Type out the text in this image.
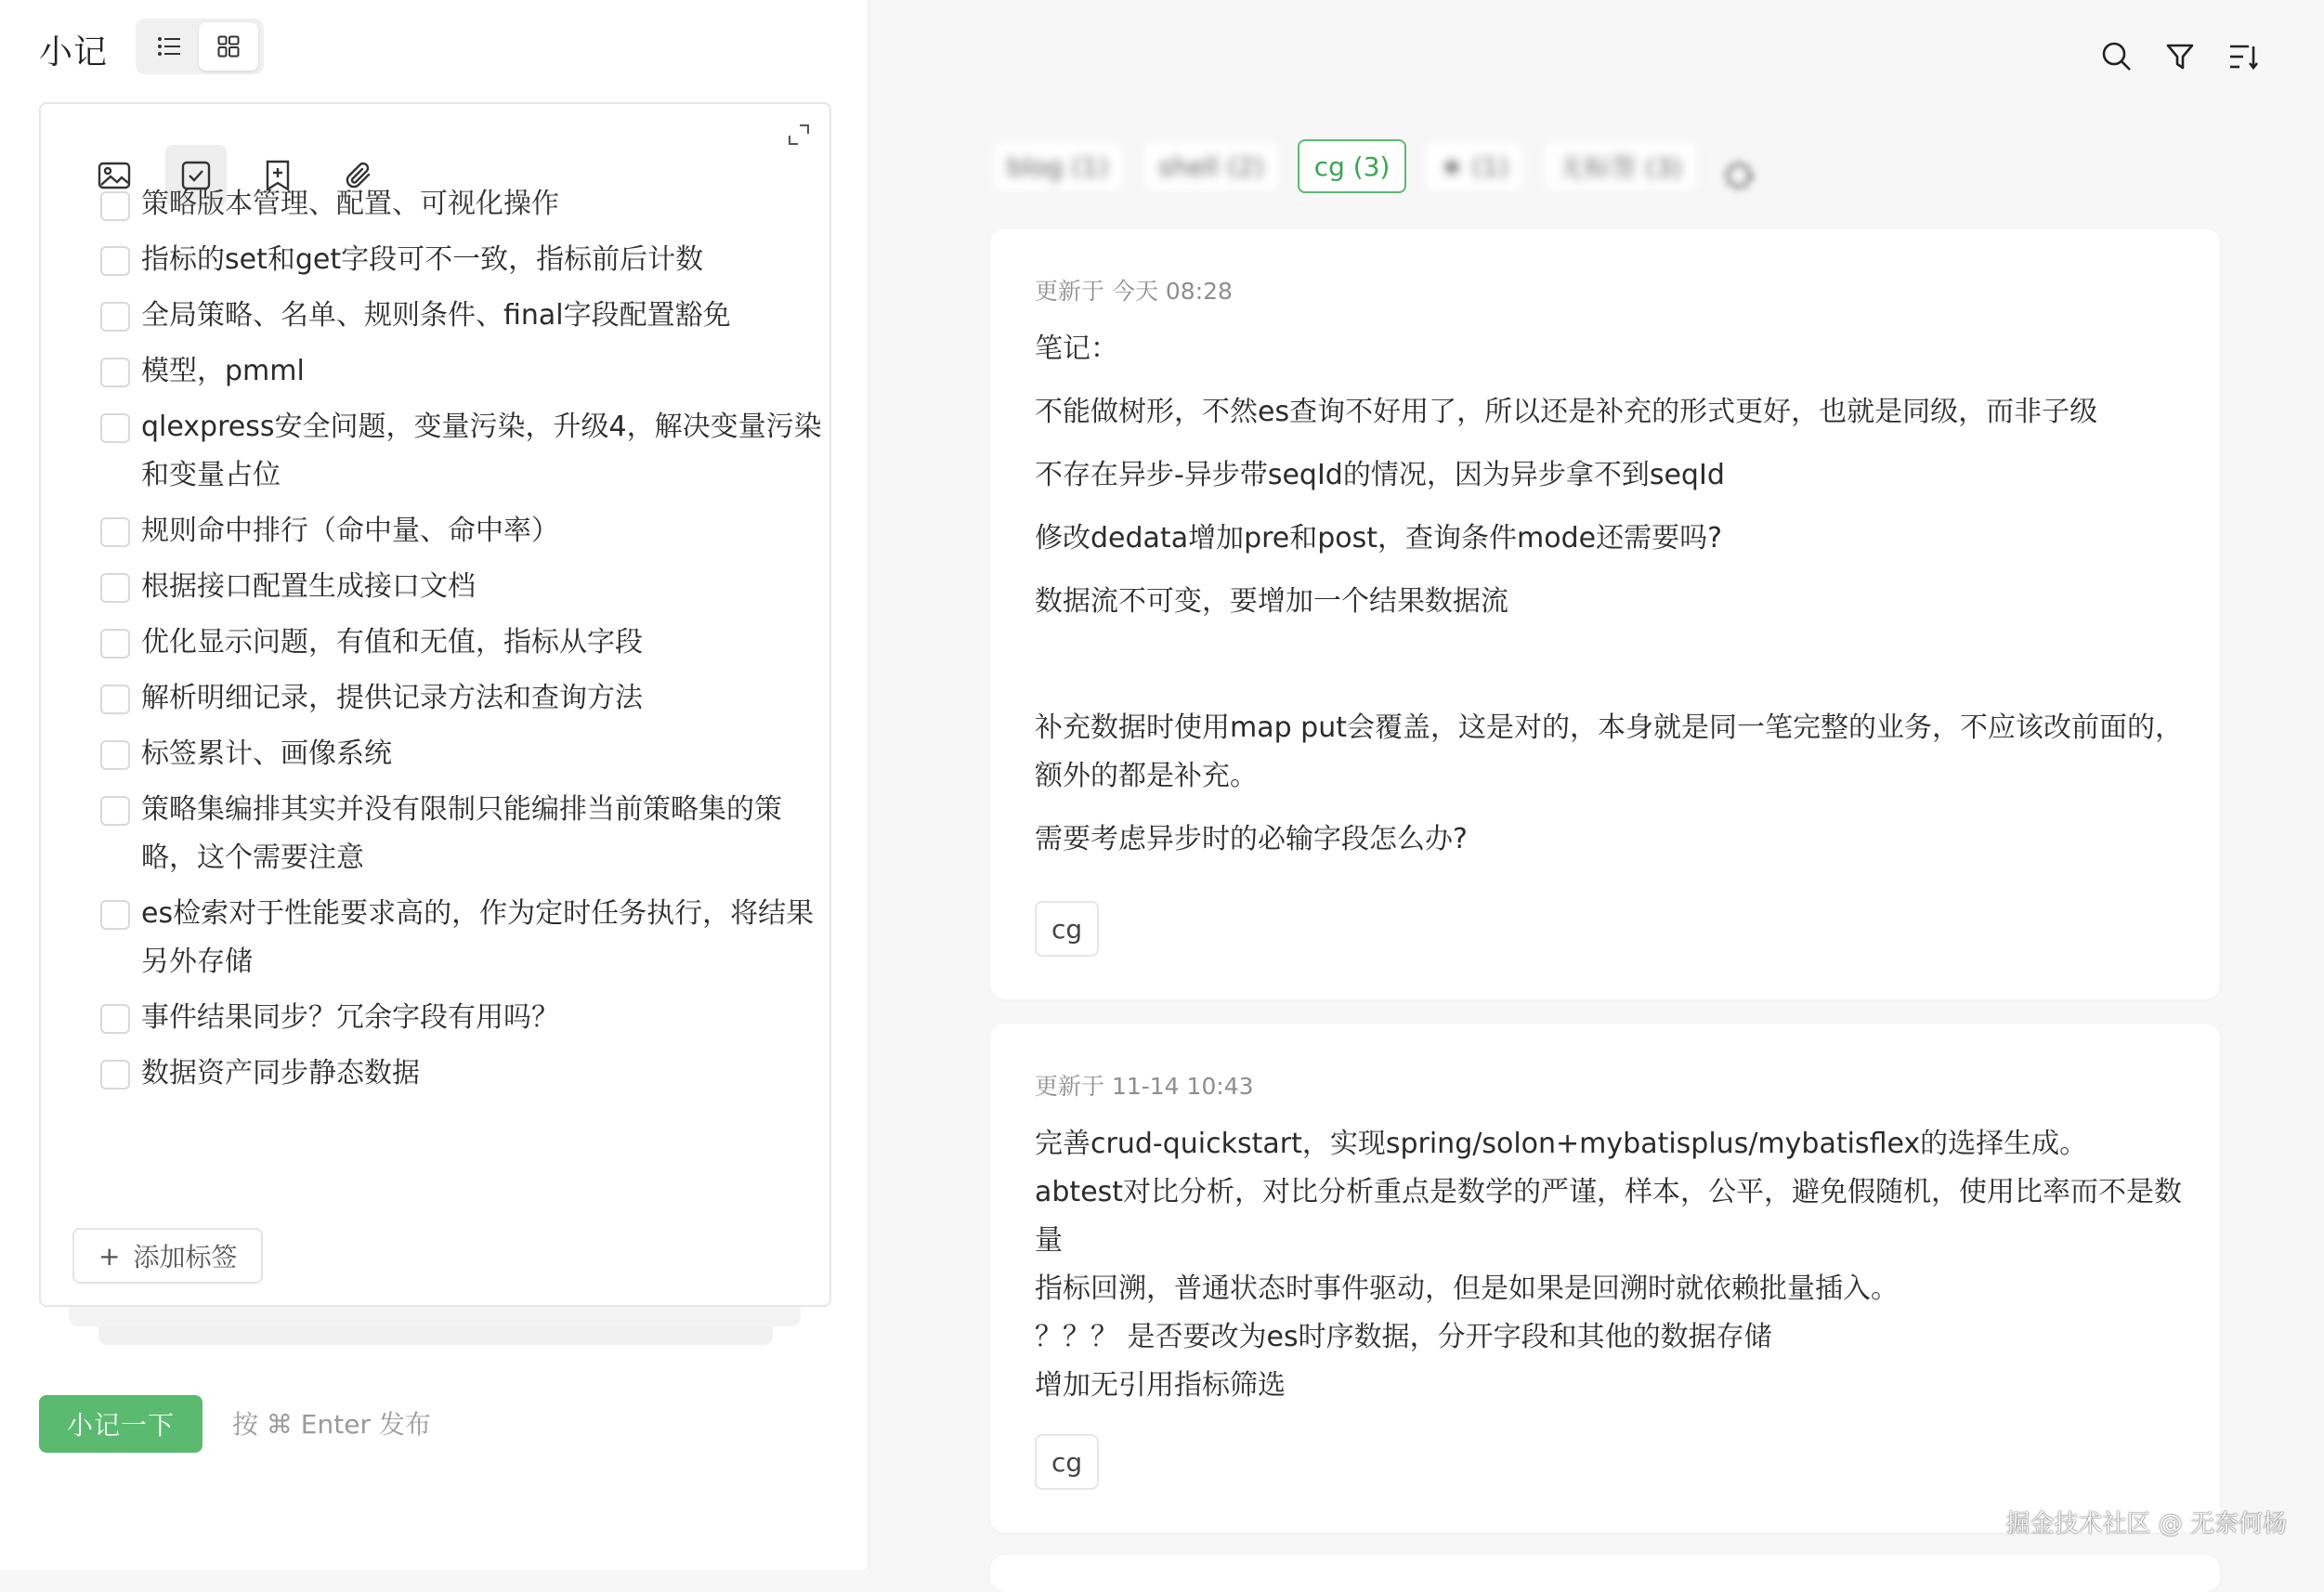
小记
策略版本管理、配置、可视化操作
指标的set和get字段可不一致，指标前后计数
全局策略、名单、规则条件、final字段配置豁免
模型，pmml
qlexpress安全问题，变量污染，升级4，解决变量污染和变量占位
规则命中排行（命中量、命中率）
根据接口配置生成接口文档
优化显示问题，有值和无值，指标从字段
解析明细记录，提供记录方法和查询方法
标签累计、画像系统
策略集编排其实并没有限制只能编排当前策略集的策略，这个需要注意
es检索对于性能要求高的，作为定时任务执行，将结果另外存储
事件结果同步？冗余字段有用吗？
数据资产同步静态数据
+ 添加标签
小记一下	按 ⌘ Enter 发布
blog (1)	shell (2)	cg (3)	★ (1)	无标签 (3)
更新于 今天 08:28

笔记：

不能做树形，不然es查询不好用了，所以还是补充的形式更好，也就是同级，而非子级

不存在异步-异步带seqId的情况，因为异步拿不到seqId

修改dedata增加pre和post，查询条件mode还需要吗?

数据流不可变，要增加一个结果数据流

补充数据时使用map put会覆盖，这是对的，本身就是同一笔完整的业务，不应该改前面的，额外的都是补充。

需要考虑异步时的必输字段怎么办?

cg
更新于 11-14 10:43

完善crud-quickstart，实现spring/solon+mybatisplus/mybatisflex的选择生成。

abtest对比分析，对比分析重点是数学的严谨，样本，公平，避免假随机，使用比率而不是数量

指标回溯，普通状态时事件驱动，但是如果是回溯时就依赖批量插入。

？？？ 是否要改为es时序数据，分开字段和其他的数据存储

增加无引用指标筛选

cg
掘金技术社区 @ 无奈何杨
